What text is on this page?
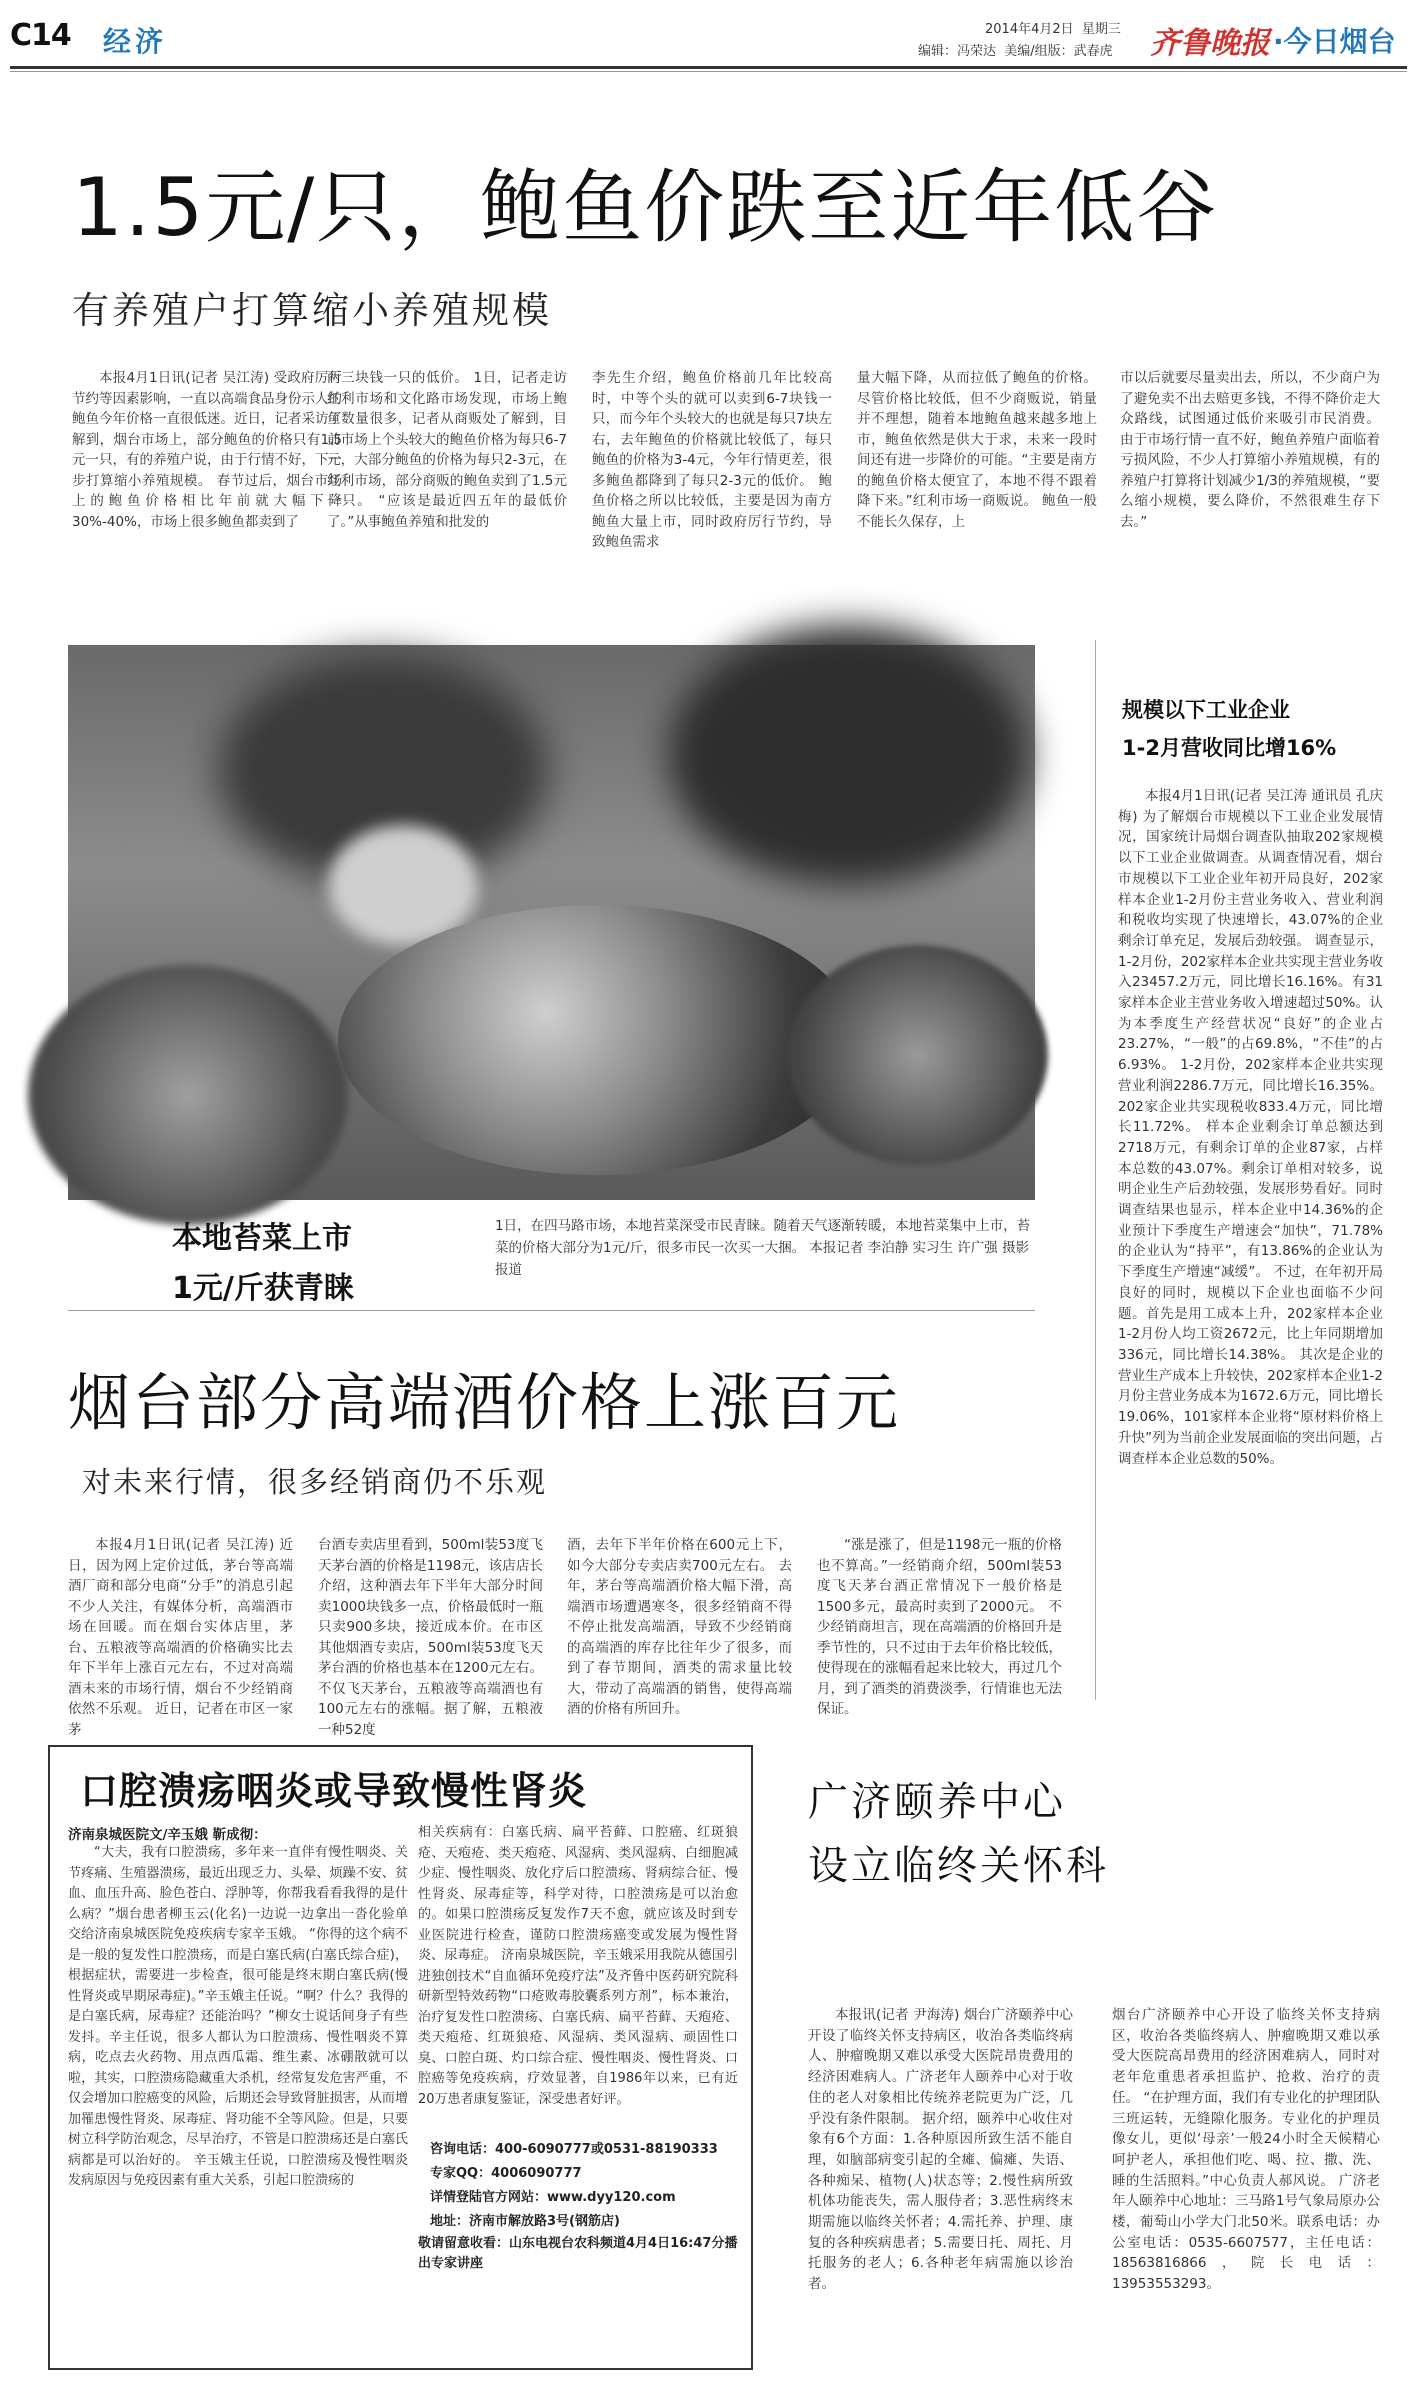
C14 经济	2014年4月2日  星期三
编辑：冯荣达  美编/组版：武春虎 齐鲁晚报 ·今日烟台
1.5元/只，鲍鱼价跌至近年低谷
有养殖户打算缩小养殖规模

本报4月1日讯(记者 吴江涛) 受政府厉行节约等因素影响，一直以高端食品身份示人的鲍鱼今年价格一直很低迷。近日，记者采访了解到，烟台市场上，部分鲍鱼的价格只有1.5元一只，有的养殖户说，由于行情不好，下一步打算缩小养殖规模。 春节过后，烟台市场上的鲍鱼价格相比年前就大幅下降30%-40%，市场上很多鲍鱼都卖到了

两三块钱一只的低价。 1日，记者走访红利市场和文化路市场发现，市场上鲍鱼数量很多，记者从商贩处了解到，目前市场上个头较大的鲍鱼价格为每只6-7元，大部分鲍鱼的价格为每只2-3元，在红利市场，部分商贩的鲍鱼卖到了1.5元一只。 “应该是最近四五年的最低价了。”从事鲍鱼养殖和批发的

李先生介绍，鲍鱼价格前几年比较高时，中等个头的就可以卖到6-7块钱一只，而今年个头较大的也就是每只7块左右，去年鲍鱼的价格就比较低了，每只鲍鱼的价格为3-4元，今年行情更差，很多鲍鱼都降到了每只2-3元的低价。 鲍鱼价格之所以比较低，主要是因为南方鲍鱼大量上市，同时政府厉行节约，导致鲍鱼需求

量大幅下降，从而拉低了鲍鱼的价格。 尽管价格比较低，但不少商贩说，销量并不理想，随着本地鲍鱼越来越多地上市，鲍鱼依然是供大于求，未来一段时间还有进一步降价的可能。“主要是南方的鲍鱼价格太便宜了，本地不得不跟着降下来。”红利市场一商贩说。 鲍鱼一般不能长久保存，上

市以后就要尽量卖出去，所以，不少商户为了避免卖不出去赔更多钱，不得不降价走大众路线，试图通过低价来吸引市民消费。 由于市场行情一直不好，鲍鱼养殖户面临着亏损风险，不少人打算缩小养殖规模，有的养殖户打算将计划减少1/3的养殖规模，“要么缩小规模，要么降价，不然很难生存下去。”

本地苔菜上市
1元/斤获青睐
1日，在四马路市场，本地苔菜深受市民青睐。随着天气逐渐转暖，本地苔菜集中上市，苔菜的价格大部分为1元/斤，很多市民一次买一大捆。 本报记者 李泊静 实习生 许广强 摄影报道
规模以下工业企业
1-2月营收同比增16%

本报4月1日讯(记者 吴江涛 通讯员 孔庆梅) 为了解烟台市规模以下工业企业发展情况，国家统计局烟台调查队抽取202家规模以下工业企业做调查。从调查情况看，烟台市规模以下工业企业年初开局良好，202家样本企业1-2月份主营业务收入、营业利润和税收均实现了快速增长，43.07%的企业剩余订单充足，发展后劲较强。 调查显示，1-2月份，202家样本企业共实现主营业务收入23457.2万元，同比增长16.16%。有31家样本企业主营业务收入增速超过50%。认为本季度生产经营状况“良好”的企业占23.27%，“一般”的占69.8%，“不佳”的占6.93%。 1-2月份，202家样本企业共实现营业利润2286.7万元，同比增长16.35%。202家企业共实现税收833.4万元，同比增长11.72%。 样本企业剩余订单总额达到2718万元，有剩余订单的企业87家，占样本总数的43.07%。剩余订单相对较多，说明企业生产后劲较强，发展形势看好。同时调查结果也显示，样本企业中14.36%的企业预计下季度生产增速会“加快”，71.78%的企业认为“持平”，有13.86%的企业认为下季度生产增速“减缓”。 不过，在年初开局良好的同时，规模以下企业也面临不少问题。首先是用工成本上升，202家样本企业1-2月份人均工资2672元，比上年同期增加336元，同比增长14.38%。 其次是企业的营业生产成本上升较快，202家样本企业1-2月份主营业务成本为1672.6万元，同比增长19.06%，101家样本企业将“原材料价格上升快”列为当前企业发展面临的突出问题，占调查样本企业总数的50%。

烟台部分高端酒价格上涨百元
对未来行情，很多经销商仍不乐观

本报4月1日讯(记者 吴江涛) 近日，因为网上定价过低，茅台等高端酒厂商和部分电商“分手”的消息引起不少人关注，有媒体分析，高端酒市场在回暖。而在烟台实体店里，茅台、五粮液等高端酒的价格确实比去年下半年上涨百元左右，不过对高端酒未来的市场行情，烟台不少经销商依然不乐观。 近日，记者在市区一家茅

台酒专卖店里看到，500ml装53度飞天茅台酒的价格是1198元，该店店长介绍，这种酒去年下半年大部分时间卖1000块钱多一点，价格最低时一瓶只卖900多块，接近成本价。在市区其他烟酒专卖店，500ml装53度飞天茅台酒的价格也基本在1200元左右。 不仅飞天茅台，五粮液等高端酒也有100元左右的涨幅。据了解，五粮液一种52度

酒，去年下半年价格在600元上下，如今大部分专卖店卖700元左右。 去年，茅台等高端酒价格大幅下滑，高端酒市场遭遇寒冬，很多经销商不得不停止批发高端酒，导致不少经销商的高端酒的库存比往年少了很多，而到了春节期间，酒类的需求量比较大，带动了高端酒的销售，使得高端酒的价格有所回升。

“涨是涨了，但是1198元一瓶的价格也不算高。”一经销商介绍，500ml装53度飞天茅台酒正常情况下一般价格是1500多元，最高时卖到了2000元。 不少经销商坦言，现在高端酒的价格回升是季节性的，只不过由于去年价格比较低，使得现在的涨幅看起来比较大，再过几个月，到了酒类的消费淡季，行情谁也无法保证。

口腔溃疡咽炎或导致慢性肾炎
济南泉城医院文/辛玉娥 靳成彻：

“大夫，我有口腔溃疡，多年来一直伴有慢性咽炎、关节疼痛、生殖器溃疡，最近出现乏力、头晕、烦躁不安、贫血、血压升高、脸色苍白、浮肿等，你帮我看看我得的是什么病？”烟台患者柳玉云(化名)一边说一边拿出一沓化验单交给济南泉城医院免疫疾病专家辛玉娥。 “你得的这个病不是一般的复发性口腔溃疡，而是白塞氏病(白塞氏综合症)，根据症状，需要进一步检查，很可能是终末期白塞氏病(慢性肾炎或早期尿毒症)。”辛玉娥主任说。“啊？什么？我得的是白塞氏病，尿毒症？还能治吗？”柳女士说话间身子有些发抖。辛主任说，很多人都认为口腔溃疡、慢性咽炎不算病，吃点去火药物、用点西瓜霜、维生素、冰硼散就可以啦，其实，口腔溃疡隐藏重大杀机，经常复发危害严重，不仅会增加口腔癌变的风险，后期还会导致肾脏损害，从而增加罹患慢性肾炎、尿毒症、肾功能不全等风险。但是，只要树立科学防治观念，尽早治疗，不管是口腔溃疡还是白塞氏病都是可以治好的。 辛玉娥主任说，口腔溃疡及慢性咽炎发病原因与免疫因素有重大关系，引起口腔溃疡的

相关疾病有：白塞氏病、扁平苔藓、口腔癌、红斑狼疮、天疱疮、类天疱疮、风湿病、类风湿病、白细胞减少症、慢性咽炎、放化疗后口腔溃疡、肾病综合征、慢性肾炎、尿毒症等，科学对待，口腔溃疡是可以治愈的。如果口腔溃疡反复发作7天不愈，就应该及时到专业医院进行检查，谨防口腔溃疡癌变或发展为慢性肾炎、尿毒症。 济南泉城医院，辛玉娥采用我院从德国引进独创技术“自血循环免疫疗法”及齐鲁中医药研究院科研新型特效药物“口疮败毒胶囊系列方剂”，标本兼治，治疗复发性口腔溃疡、白塞氏病、扁平苔藓、天疱疮、类天疱疮、红斑狼疮、风湿病、类风湿病、顽固性口臭、口腔白斑、灼口综合症、慢性咽炎、慢性肾炎、口腔癌等免疫疾病，疗效显著，自1986年以来，已有近20万患者康复鉴证，深受患者好评。

咨询电话：400-6090777或0531-88190333
专家QQ：4006090777
详情登陆官方网站：www.dyy120.com
地址：济南市解放路3号(钢筋店)
敬请留意收看：山东电视台农科频道4月4日16:47分播出专家讲座
广济颐养中心
设立临终关怀科

本报讯(记者 尹海涛) 烟台广济颐养中心开设了临终关怀支持病区，收治各类临终病人、肿瘤晚期又难以承受大医院昂贵费用的经济困难病人。广济老年人颐养中心对于收住的老人对象相比传统养老院更为广泛，几乎没有条件限制。 据介绍，颐养中心收住对象有6个方面：1.各种原因所致生活不能自理，如脑部病变引起的全瘫、偏瘫、失语、各种痴呆、植物(人)状态等；2.慢性病所致机体功能丧失，需人服侍者；3.恶性病终末期需施以临终关怀者；4.需托养、护理、康复的各种疾病患者；5.需要日托、周托、月托服务的老人；6.各种老年病需施以诊治者。

烟台广济颐养中心开设了临终关怀支持病区，收治各类临终病人、肿瘤晚期又难以承受大医院高昂费用的经济困难病人，同时对老年危重患者承担监护、抢救、治疗的责任。 “在护理方面，我们有专业化的护理团队三班运转，无缝隙化服务。专业化的护理员像女儿，更似‘母亲’一般24小时全天候精心呵护老人，承担他们吃、喝、拉、撒、洗、睡的生活照料。”中心负责人郝风说。 广济老年人颐养中心地址：三马路1号气象局原办公楼，葡萄山小学大门北50米。联系电话：办公室电话：0535-6607577，主任电话：18563816866，院长电话：13953553293。
